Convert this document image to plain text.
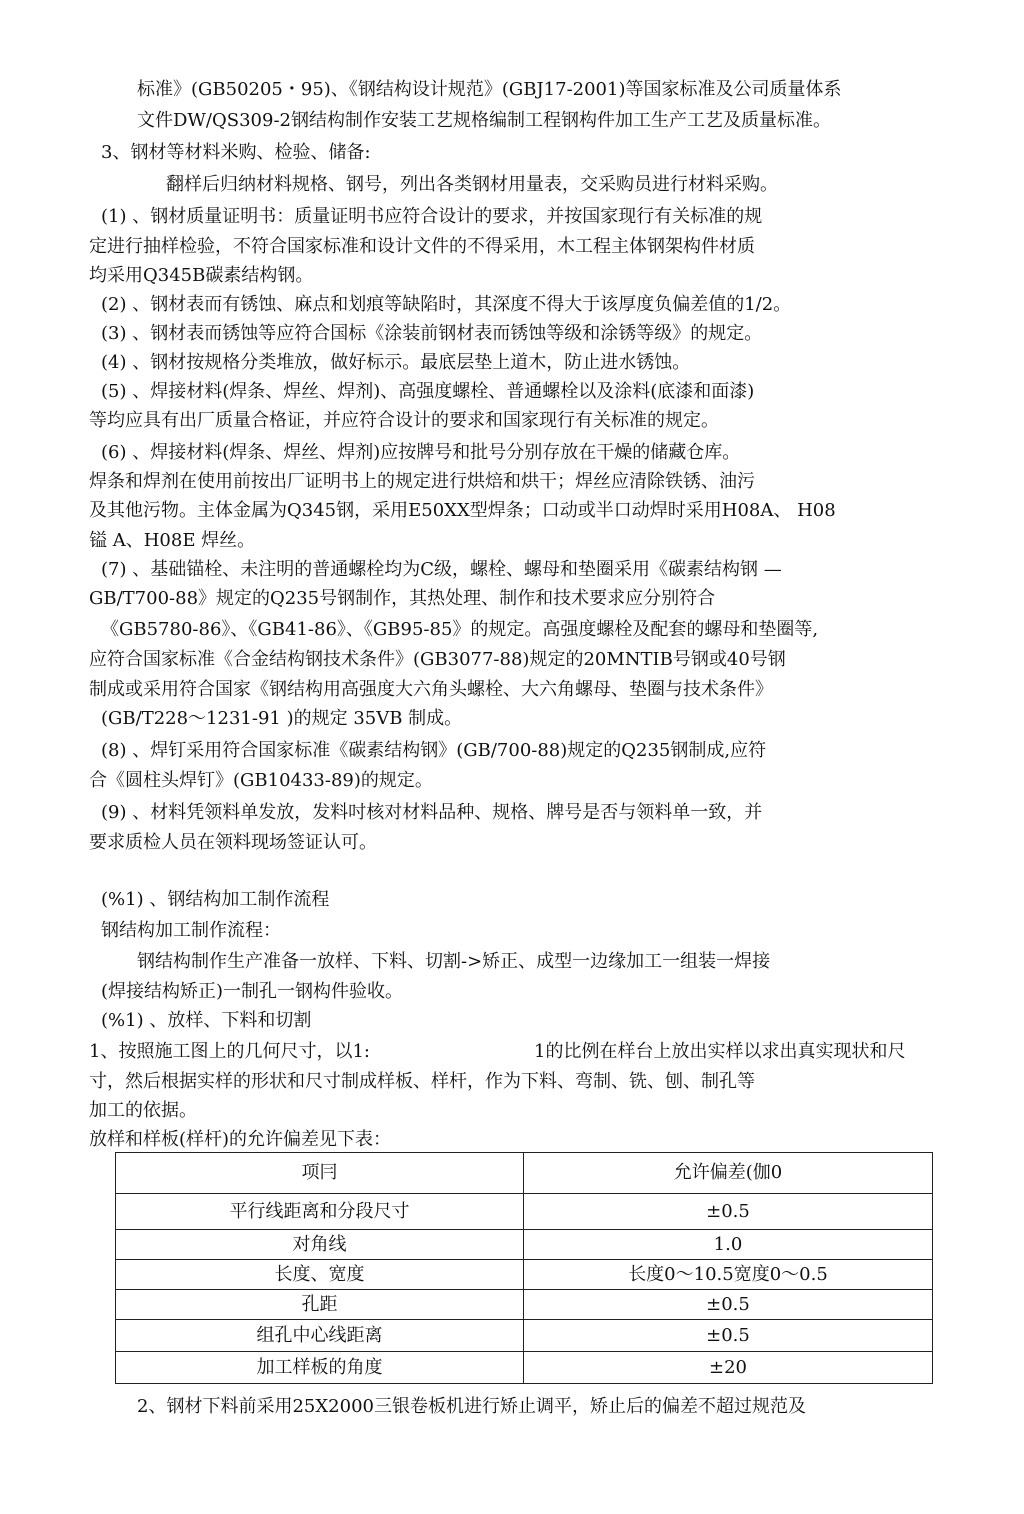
标准》(GB50205・95)、《钢结构设计规范》(GBJ17-2001)等国家标准及公司质量体系
文件DW/QS309-2钢结构制作安装工艺规格编制工程钢构件加工生产工艺及质量标准。
3、钢材等材料米购、检验、储备:
翻样后归纳材料规格、钢号，列出各类钢材用量表，交采购员进行材料采购。
(1) 、钢材质量证明书：质量证明书应符合设计的要求，并按国家现行有关标准的规
定进行抽样检验，不符合国家标准和设计文件的不得采用，木工程主体钢架构件材质
均采用Q345B碳素结构钢。
(2) 、钢材表而有锈蚀、麻点和划痕等缺陷时，其深度不得大于该厚度负偏差值的1/2。
(3) 、钢材表而锈蚀等应符合国标《涂装前钢材表而锈蚀等级和涂锈等级》的规定。
(4) 、钢材按规格分类堆放，做好标示。最底层垫上道木，防止进水锈蚀。
(5) 、焊接材料(焊条、焊丝、焊剂)、高强度螺栓、普通螺栓以及涂料(底漆和面漆)
等均应具有出厂质量合格证，并应符合设计的要求和国家现行有关标准的规定。
(6) 、焊接材料(焊条、焊丝、焊剂)应按牌号和批号分别存放在干燥的储藏仓库。
焊条和焊剂在使用前按出厂证明书上的规定进行烘焙和烘干；焊丝应清除铁锈、油污
及其他污物。主体金属为Q345钢，采用E50XX型焊条；口动或半口动焊时采用H08A、 H08
镒 A、H08E 焊丝。
(7) 、基础锚栓、未注明的普通螺栓均为C级，螺栓、螺母和垫圈采用《碳素结构钢 —
GB/T700-88》规定的Q235号钢制作，其热处理、制作和技术要求应分别符合
《GB5780-86》、《GB41-86》、《GB95-85》的规定。高强度螺栓及配套的螺母和垫圈等,
应符合国家标准《合金结构钢技术条件》(GB3077-88)规定的20MNTIB号钢或40号钢
制成或采用符合国家《钢结构用高强度大六角头螺栓、大六角螺母、垫圈与技术条件》
(GB/T228～1231-91 )的规定 35VB 制成。
(8) 、焊钉采用符合国家标准《碳素结构钢》(GB/700-88)规定的Q235钢制成,应符
合《圆柱头焊钉》(GB10433-89)的规定。
(9) 、材料凭领料单发放，发料吋核对材料品种、规格、牌号是否与领料单一致，并
要求质检人员在领料现场签证认可。
(%1) 、钢结构加工制作流程
钢结构加工制作流程：
钢结构制作生产准备一放样、下料、切割->矫正、成型一边缘加工一组装一焊接
(焊接结构矫正)一制孔一钢构件验收。
(%1) 、放样、下料和切割
1、按照施工图上的几何尺寸，以1:	1的比例在样台上放出实样以求出真实现状和尺
寸，然后根据实样的形状和尺寸制成样板、样杆，作为下料、弯制、铣、刨、制孔等
加工的依据。
放样和样板(样杆)的允许偏差见下表：
2、钢材下料前采用25X2000三银卷板机进行矫止调平，矫止后的偏差不超过规范及
项冃	允许偏差(伽0
平行线距离和分段尺寸	±0.5
对角线	1.0
长度、宽度	长度0～10.5宽度0～0.5
孔距	±0.5
组孔中心线距离	±0.5
加工样板的角度	±20
